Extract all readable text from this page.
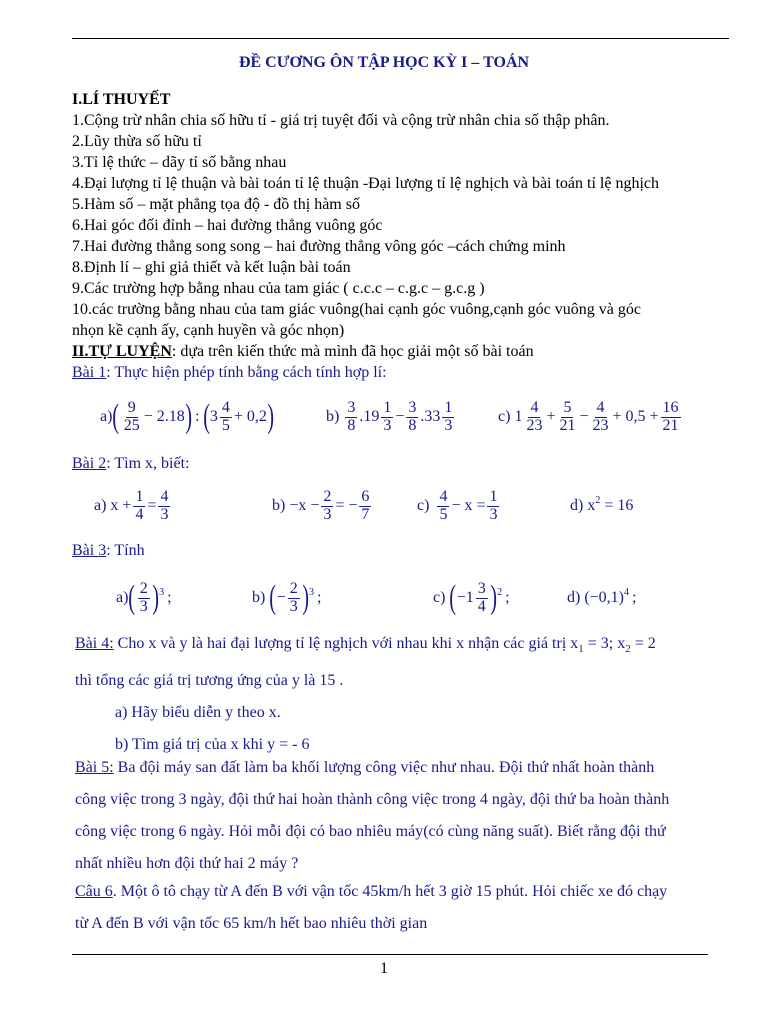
ĐỀ CƯƠNG ÔN TẬP HỌC KỲ I – TOÁN
I.LÍ THUYẾT
1.Cộng trừ nhân chia số hữu tỉ - giá trị tuyệt đối và cộng trừ nhân chia số thập phân.
2.Lũy thừa số hữu tỉ
3.Tỉ lệ thức – dãy tỉ số bằng nhau
4.Đại lượng tỉ lệ thuận và bài toán tỉ lệ thuận -Đại lượng tỉ lệ nghịch và bài toán tỉ lệ nghịch
5.Hàm số – mặt phẳng tọa độ - đồ thị hàm số
6.Hai góc đối đỉnh – hai đường thẳng vuông góc
7.Hai đường thẳng song song – hai đường thẳng vông góc –cách chứng minh
8.Định lí – ghi giả thiết và kết luận bài toán
9.Các trường hợp bằng nhau của tam giác ( c.c.c – c.g.c – g.c.g )
10.các trường bằng nhau của tam giác vuông(hai cạnh góc vuông,cạnh góc vuông và góc
nhọn kề cạnh ấy, cạnh huyền và góc nhọn)
II.TỰ LUYỆN: dựa trên kiến thức mà mình đã học giải một số bài toán
Bài 1: Thực hiện phép tính bằng cách tính hợp lí:
a) ( $\frac{9}{25} - 2.18$ ) : ( $3 \frac{4}{5} + 0,2$ )	$b) \frac{3}{8} .19 \frac{1}{3} - \frac{3}{8} .33 \frac{1}{3}$	c) $1 \frac{4}{23} + \frac{5}{21} - \frac{4}{23} + 0,5 + \frac{16}{21}$
Bài 2: Tìm x, biết:
a) $x + \frac{1}{4} = \frac{4}{3}$	$b) -x - \frac{2}{3}$ = − $\frac{6}{7}$	$c) \frac{4}{5} - x = \frac{1}{3}$	d) $x^2 = 16$
Bài 3: Tính
a) ( $\frac{2}{3} )^3$ ;	b) ( − $\frac{2}{3} )^3$ ;	c) ( $-1 \frac{3}{4} )^2$ ;	d) $(-0,1)^4$ ;
Bài 4: Cho x và y là hai đại lượng tỉ lệ nghịch với nhau khi x nhận các giá trị $x_1 = 3$; $x_2 = 2$
thì tổng các giá trị tương ứng của y là 15 .
a) Hãy biểu diễn y theo x.
b) Tìm giá trị của x khi y = - 6
Bài 5: Ba đội máy san đất làm ba khối lượng công việc như nhau. Đội thứ nhất hoàn thành
công việc trong 3 ngày, đội thứ hai hoàn thành công việc trong 4 ngày, đội thứ ba hoàn thành
công việc trong 6 ngày. Hỏi mỗi đội có bao nhiêu máy(có cùng năng suất). Biết rằng đội thứ
nhất nhiều hơn đội thứ hai 2 máy ?
Câu 6. Một ô tô chạy từ A đến B với vận tốc 45km/h hết 3 giờ 15 phút. Hỏi chiếc xe đó chạy
từ A đến B với vận tốc 65 km/h hết bao nhiêu thời gian
1
